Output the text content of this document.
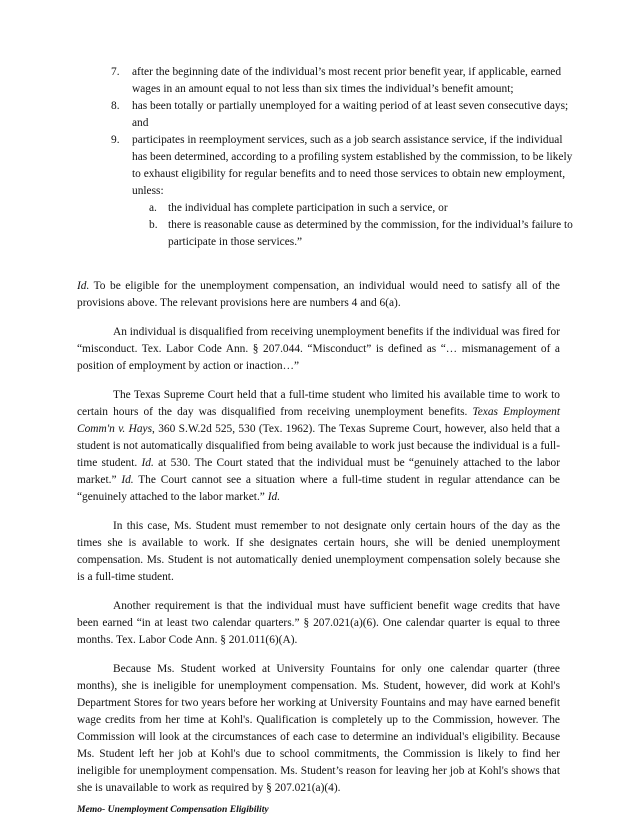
7. after the beginning date of the individual’s most recent prior benefit year, if applicable, earned wages in an amount equal to not less than six times the individual’s benefit amount;
8. has been totally or partially unemployed for a waiting period of at least seven consecutive days; and
9. participates in reemployment services, such as a job search assistance service, if the individual has been determined, according to a profiling system established by the commission, to be likely to exhaust eligibility for regular benefits and to need those services to obtain new employment, unless:
a. the individual has complete participation in such a service, or
b. there is reasonable cause as determined by the commission, for the individual’s failure to participate in those services.”

Id. To be eligible for the unemployment compensation, an individual would need to satisfy all of the provisions above. The relevant provisions here are numbers 4 and 6(a).

An individual is disqualified from receiving unemployment benefits if the individual was fired for “misconduct. Tex. Labor Code Ann. § 207.044. “Misconduct” is defined as “… mismanagement of a position of employment by action or inaction…”

The Texas Supreme Court held that a full-time student who limited his available time to work to certain hours of the day was disqualified from receiving unemployment benefits. Texas Employment Comm'n v. Hays, 360 S.W.2d 525, 530 (Tex. 1962). The Texas Supreme Court, however, also held that a student is not automatically disqualified from being available to work just because the individual is a full-time student. Id. at 530. The Court stated that the individual must be “genuinely attached to the labor market.” Id. The Court cannot see a situation where a full-time student in regular attendance can be “genuinely attached to the labor market.” Id.

In this case, Ms. Student must remember to not designate only certain hours of the day as the times she is available to work. If she designates certain hours, she will be denied unemployment compensation. Ms. Student is not automatically denied unemployment compensation solely because she is a full-time student.

Another requirement is that the individual must have sufficient benefit wage credits that have been earned “in at least two calendar quarters.” § 207.021(a)(6). One calendar quarter is equal to three months. Tex. Labor Code Ann. § 201.011(6)(A).

Because Ms. Student worked at University Fountains for only one calendar quarter (three months), she is ineligible for unemployment compensation. Ms. Student, however, did work at Kohl's Department Stores for two years before her working at University Fountains and may have earned benefit wage credits from her time at Kohl's. Qualification is completely up to the Commission, however. The Commission will look at the circumstances of each case to determine an individual's eligibility. Because Ms. Student left her job at Kohl's due to school commitments, the Commission is likely to find her ineligible for unemployment compensation. Ms. Student’s reason for leaving her job at Kohl's shows that she is unavailable to work as required by § 207.021(a)(4).

Memo- Unemployment Compensation Eligibility
